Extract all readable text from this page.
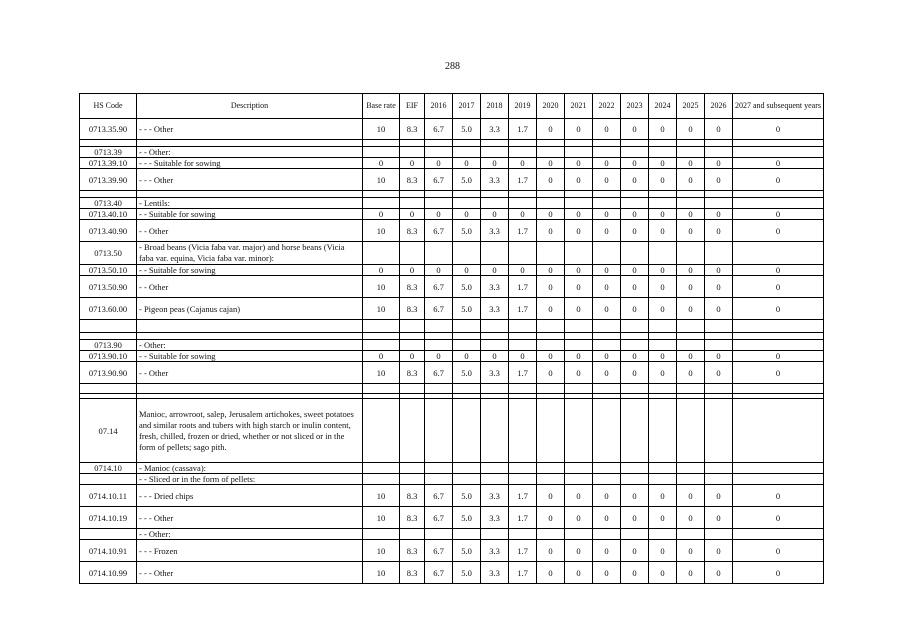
288
HS Code	Description	Base rate	EIF	2016	2017	2018	2019	2020	2021	2022	2023	2024	2025	2026	2027 and subsequent years
0713.35.90	- - - Other	10	8.3	6.7	5.0	3.3	1.7	0	0	0	0	0	0	0	0

0713.39	- - Other:														
0713.39.10	- - - Suitable for sowing	0	0	0	0	0	0	0	0	0	0	0	0	0	0
0713.39.90	- - - Other	10	8.3	6.7	5.0	3.3	1.7	0	0	0	0	0	0	0	0

0713.40	- Lentils:														
0713.40.10	- - Suitable for sowing	0	0	0	0	0	0	0	0	0	0	0	0	0	0
0713.40.90	- - Other	10	8.3	6.7	5.0	3.3	1.7	0	0	0	0	0	0	0	0
0713.50	- Broad beans (Vicia faba var. major) and horse beans (Vicia faba var. equina, Vicia faba var. minor):														
0713.50.10	- - Suitable for sowing	0	0	0	0	0	0	0	0	0	0	0	0	0	0
0713.50.90	- - Other	10	8.3	6.7	5.0	3.3	1.7	0	0	0	0	0	0	0	0
0713.60.00	- Pigeon peas (Cajanus cajan)	10	8.3	6.7	5.0	3.3	1.7	0	0	0	0	0	0	0	0

0713.90	- Other:														
0713.90.10	- - Suitable for sowing	0	0	0	0	0	0	0	0	0	0	0	0	0	0
0713.90.90	- - Other	10	8.3	6.7	5.0	3.3	1.7	0	0	0	0	0	0	0	0

07.14	Manioc, arrowroot, salep, Jerusalem artichokes, sweet potatoes and similar roots and tubers with high starch or inulin content, fresh, chilled, frozen or dried, whether or not sliced or in the form of pellets; sago pith.														
0714.10	- Manioc (cassava):														
	- - Sliced or in the form of pellets:														
0714.10.11	- - - Dried chips	10	8.3	6.7	5.0	3.3	1.7	0	0	0	0	0	0	0	0
0714.10.19	- - - Other	10	8.3	6.7	5.0	3.3	1.7	0	0	0	0	0	0	0	0
	- - Other:														
0714.10.91	- - - Frozen	10	8.3	6.7	5.0	3.3	1.7	0	0	0	0	0	0	0	0
0714.10.99	- - - Other	10	8.3	6.7	5.0	3.3	1.7	0	0	0	0	0	0	0	0
